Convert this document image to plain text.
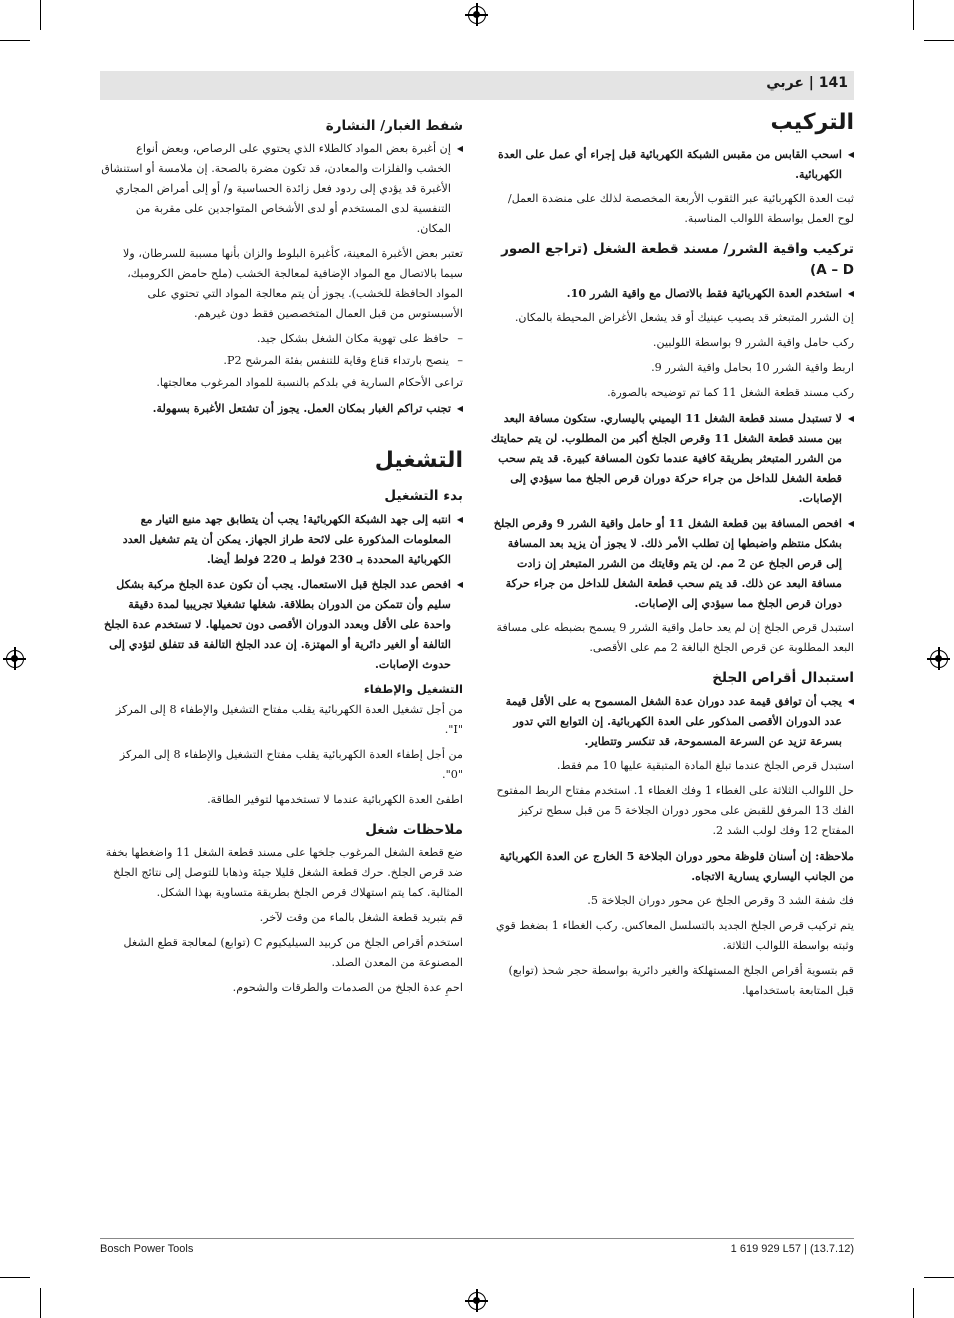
141 | عربي
التركيب

◀ اسحب القابس من مقبس الشبكة الكهربائية قبل إجراء أي عمل على العدة الكهربائية.

ثبت العدة الكهربائية عبر الثقوب الأربعة المخصصة لذلك على منضدة العمل/ لوح العمل بواسطة اللوالب المناسبة.

تركيب واقية الشرر/ مسند قطعة الشغل (تراجع الصور A – D)

◀ استخدم العدة الكهربائية فقط بالاتصال مع واقية الشرر 10.

إن الشرر المتبعثر قد يصيب عينيك أو قد يشعل الأغراض المحيطة بالمكان.

ركب حامل واقية الشرر 9 بواسطة اللولبين.

اربط واقية الشرر 10 بحامل واقية الشرر 9.

ركب مسند قطعة الشغل 11 كما تم توضيحه بالصورة.

◀ لا تستبدل مسند قطعة الشغل 11 اليميني باليساري. ستكون مسافة البعد بين مسند قطعة الشغل 11 وقرص الجلخ أكبر من المطلوب. لن يتم حمايتك من الشرر المتبعثر بطريقة كافية عندما تكون المسافة كبيرة. قد يتم سحب قطعة الشغل للداخل من جراء حركة دوران قرص الجلخ مما سيؤدي إلى الإصابات.

◀ افحص المسافة بين قطعة الشغل 11 أو حامل واقية الشرر 9 وقرص الجلخ بشكل منتظم واضبطها إن تطلب الأمر ذلك. لا يجوز أن يزيد بعد المسافة إلى قرص الجلخ عن 2 مم. لن يتم وقايتك من الشرر المتبعثر إن زادت مسافة البعد عن ذلك. قد يتم سحب قطعة الشغل للداخل من جراء حركة دوران قرص الجلخ مما سيؤدي إلى الإصابات.

استبدل قرص الجلخ إن لم يعد حامل واقية الشرر 9 يسمح بضبطه على مسافة البعد المطلوبة عن قرص الجلخ البالغة 2 مم على الأقصى.

استبدال أقراص الجلخ

◀ يجب أن توافق قيمة عدد دوران عدة الشغل المسموح به على الأقل قيمة عدد الدوران الأقصى المذكور على العدة الكهربائية. إن التوابع التي تدور بسرعة تزيد عن السرعة المسموحة، قد تنكسر وتتطاير.

استبدل قرص الجلخ عندما تبلغ المادة المتبقية عليها 10 مم فقط.

حل اللوالب الثلاثة على الغطاء 1 وفك الغطاء 1. استخدم مفتاح الربط المفتوح الفك 13 المرفق للقبض على محور دوران الجلاخة 5 من قبل سطح تركيز المفتاح 12 وفك لولب الشد 2.

ملاحظة: إن أسنان قلوظة محور دوران الجلاخة 5 الخارج عن العدة الكهربائية من الجانب اليساري يسارية الاتجاه.

فك شفة الشد 3 وقرص الجلخ عن محور دوران الجلاخة 5.

يتم تركيب قرص الجلخ الجديد بالتسلسل المعاكس. ركب الغطاء 1 بضغط قوي وثبته بواسطة اللوالب الثلاثة.

قم بتسوية أقراص الجلخ المستهلكة والغير دائرية بواسطة حجر شحذ (توابع) قبل المتابعة باستخدامها.

شفط الغبار/ النشارة

◀ إن أغبرة بعض المواد كالطلاء الذي يحتوي على الرصاص، وبعض أنواع الخشب والفلزات والمعادن، قد تكون مضرة بالصحة. إن ملامسة أو استنشاق الأغبرة قد يؤدي إلى ردود فعل زائدة الحساسية و/ أو إلى أمراض المجاري التنفسية لدى المستخدم أو لدى الأشخاص المتواجدين على مقربة من المكان.

تعتبر بعض الأغبرة المعينة، كأغبرة البلوط والزان بأنها مسببة للسرطان، ولا سيما بالاتصال مع المواد الإضافية لمعالجة الخشب (ملح حامض الكروميك، المواد الحافظة للخشب). يجوز أن يتم معالجة المواد التي تحتوي على الأسبستوس من قبل العمال المتخصصين فقط دون غيرهم.

– حافظ على تهوية مكان الشغل بشكل جيد.
– ينصح بارتداء قناع وقاية للتنفس بفئة المرشح P2.

تراعى الأحكام السارية في بلدكم بالنسبة للمواد المرغوب معالجتها.

◀ تجنب تراكم الغبار بمكان العمل. يجوز أن تشتعل الأغبرة بسهولة.

التشغيل
بدء التشغيل

◀ انتبه إلى جهد الشبكة الكهربائية! يجب أن يتطابق جهد منبع التيار مع المعلومات المذكورة على لائحة طراز الجهاز. يمكن أن يتم تشغيل العدد الكهربائية المحددة بـ 230 فولط بـ 220 فولط أيضا.

◀ افحص عدد الجلخ قبل الاستعمال. يجب أن تكون عدة الجلخ مركبة بشكل سليم وأن تتمكن من الدوران بطلاقة. شغلها تشغيلا تجريبيا لمدة دقيقة واحدة على الأقل وبعدد الدوران الأقصى دون تحميلها. لا تستخدم عدة الجلخ التالفة أو الغير دائرية أو المهتزة. إن عدد الجلخ التالفة قد تتفلق لتؤدي إلى حدوث الإصابات.

التشغيل والإطفاء

من أجل تشغيل العدة الكهربائية يقلب مفتاح التشغيل والإطفاء 8 إلى المركز "I".

من أجل إطفاء العدة الكهربائية يقلب مفتاح التشغيل والإطفاء 8 إلى المركز "0".

اطفئ العدة الكهربائية عندما لا تستخدمها لتوفير الطاقة.

ملاحظات شغل

ضع قطعة الشغل المرغوب جلخها على مسند قطعة الشغل 11 واضغطها بخفة ضد قرص الجلخ. حرك قطعة الشغل قليلا جيئة وذهابا للتوصل إلى نتائج الجلخ المثالية. كما يتم استهلاك قرص الجلخ بطريقة متساوية بهذا الشكل.

قم بتبريد قطعة الشغل بالماء من وقت لآخر.

استخدم أقراص الجلخ من كربيد السيليكيوم C (توابع) لمعالجة قطع الشغل المصنوعة من المعدن الصلد.

احمِ عدة الجلخ من الصدمات والطرقات والشحوم.

Bosch Power Tools	1 619 929 L57 | (13.7.12)
